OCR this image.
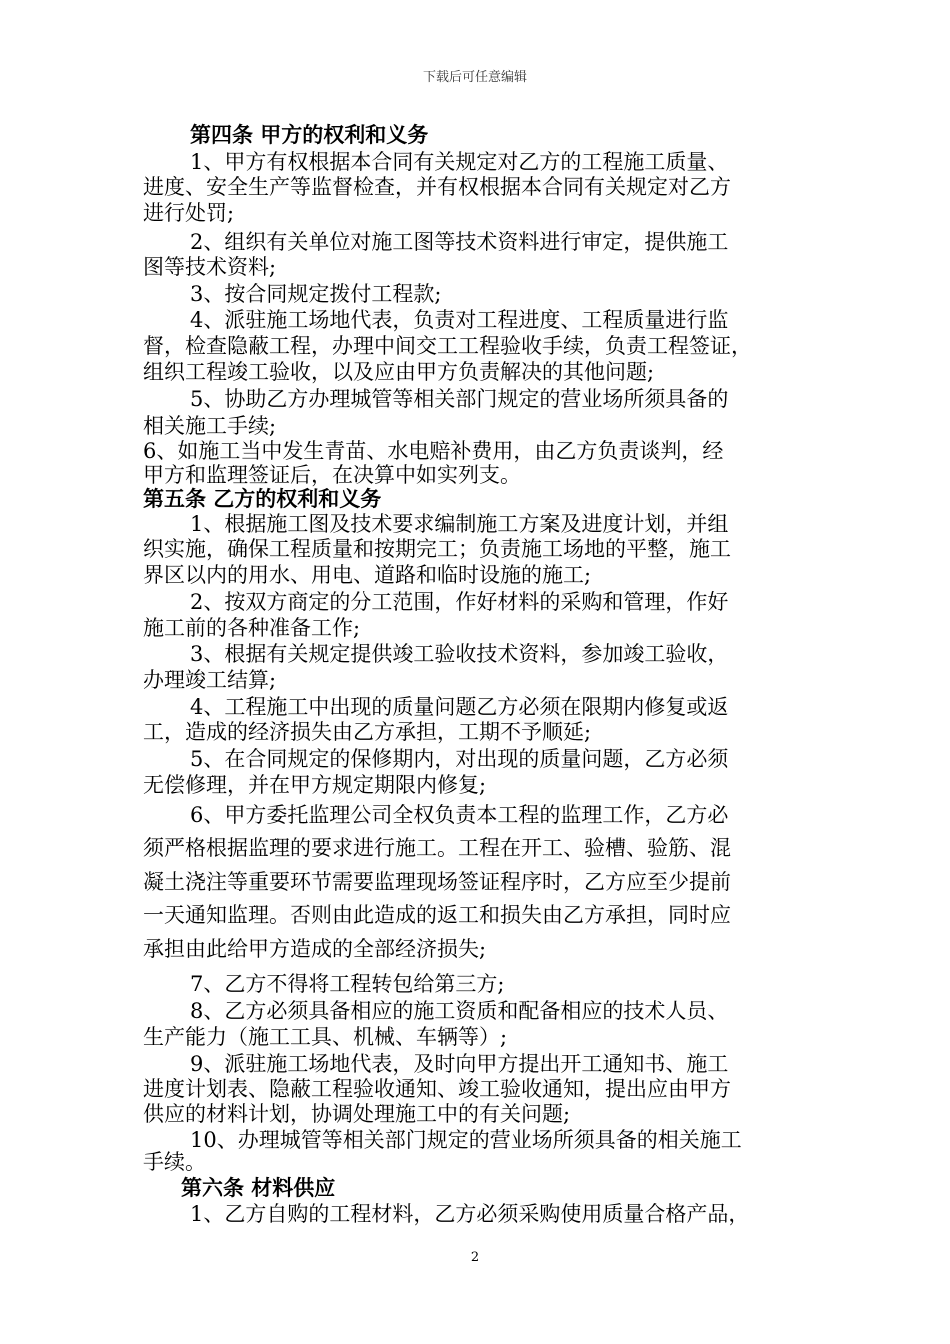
下载后可任意编辑
第四条 甲方的权利和义务
1、甲方有权根据本合同有关规定对乙方的工程施工质量、
进度、安全生产等监督检查，并有权根据本合同有关规定对乙方
进行处罚;
2、组织有关单位对施工图等技术资料进行审定，提供施工
图等技术资料;
3、按合同规定拨付工程款;
4、派驻施工场地代表，负责对工程进度、工程质量进行监
督，检查隐蔽工程，办理中间交工工程验收手续，负责工程签证，
组织工程竣工验收，以及应由甲方负责解决的其他问题;
5、协助乙方办理城管等相关部门规定的营业场所须具备的
相关施工手续;
6、如施工当中发生青苗、水电赔补费用，由乙方负责谈判，经
甲方和监理签证后，在决算中如实列支。
第五条 乙方的权利和义务
1、根据施工图及技术要求编制施工方案及进度计划，并组
织实施，确保工程质量和按期完工；负责施工场地的平整，施工
界区以内的用水、用电、道路和临时设施的施工;
2、按双方商定的分工范围，作好材料的采购和管理，作好
施工前的各种准备工作;
3、根据有关规定提供竣工验收技术资料，参加竣工验收，
办理竣工结算;
4、工程施工中出现的质量问题乙方必须在限期内修复或返
工，造成的经济损失由乙方承担，工期不予顺延;
5、在合同规定的保修期内，对出现的质量问题，乙方必须
无偿修理，并在甲方规定期限内修复;
6、甲方委托监理公司全权负责本工程的监理工作，乙方必
须严格根据监理的要求进行施工。工程在开工、验槽、验筋、混
凝土浇注等重要环节需要监理现场签证程序时，乙方应至少提前
一天通知监理。否则由此造成的返工和损失由乙方承担，同时应
承担由此给甲方造成的全部经济损失;
7、乙方不得将工程转包给第三方;
8、乙方必须具备相应的施工资质和配备相应的技术人员、
生产能力（施工工具、机械、车辆等）;
9、派驻施工场地代表，及时向甲方提出开工通知书、施工
进度计划表、隐蔽工程验收通知、竣工验收通知，提出应由甲方
供应的材料计划，协调处理施工中的有关问题;
10、办理城管等相关部门规定的营业场所须具备的相关施工
手续。
第六条 材料供应
1、乙方自购的工程材料，乙方必须采购使用质量合格产品，
2
